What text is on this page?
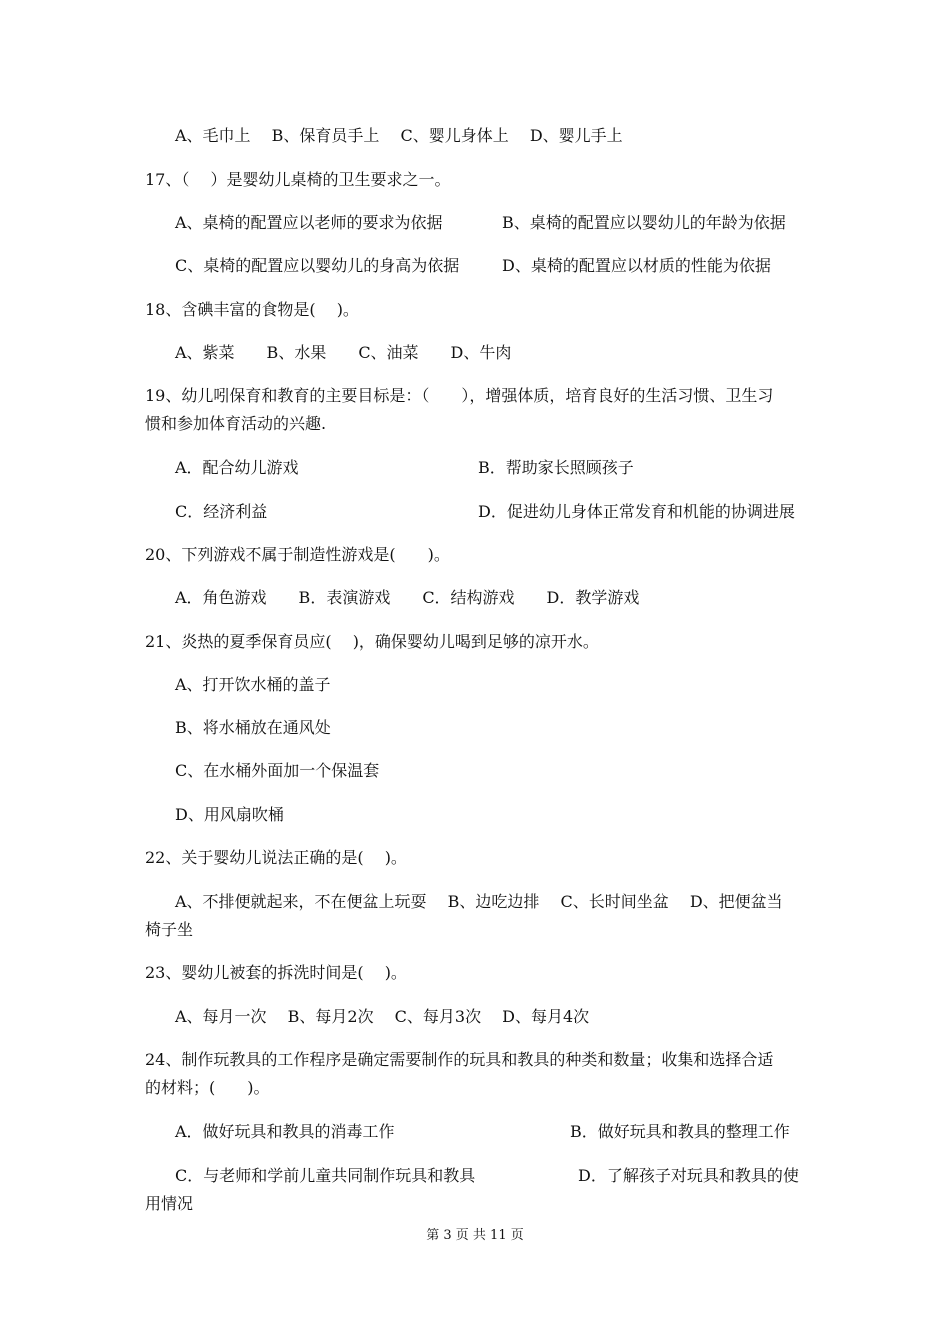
A、毛巾上　 B、保育员手上　 C、婴儿身体上　 D、婴儿手上
17、（　 ）是婴幼儿桌椅的卫生要求之一。
A、桌椅的配置应以老师的要求为依据	B、桌椅的配置应以婴幼儿的年龄为依据
C、桌椅的配置应以婴幼儿的身高为依据	D、桌椅的配置应以材质的性能为依据
18、含碘丰富的食物是(　 )。
A、紫菜　　B、水果　　C、油菜　　D、牛肉
19、幼儿吲保育和教育的主要目标是：（　　），增强体质，培育良好的生活习惯、卫生习
惯和参加体育活动的兴趣.
A．配合幼儿游戏	B．帮助家长照顾孩子
C．经济利益	D．促进幼儿身体正常发育和机能的协调进展
20、下列游戏不属于制造性游戏是(　　)。
A．角色游戏　　B．表演游戏　　C．结构游戏　　D．教学游戏
21、炎热的夏季保育员应(　 )，确保婴幼儿喝到足够的凉开水。
A、打开饮水桶的盖子
B、将水桶放在通风处
C、在水桶外面加一个保温套
D、用风扇吹桶
22、关于婴幼儿说法正确的是(　 )。
A、不排便就起来，不在便盆上玩耍　 B、边吃边排　 C、长时间坐盆　 D、把便盆当
椅子坐
23、婴幼儿被套的拆洗时间是(　 )。
A、每月一次　 B、每月2次　 C、每月3次　 D、每月4次
24、制作玩教具的工作程序是确定需要制作的玩具和教具的种类和数量；收集和选择合适
的材料；(　　)。
A．做好玩具和教具的消毒工作	B．做好玩具和教具的整理工作
C．与老师和学前儿童共同制作玩具和教具	D．了解孩子对玩具和教具的使
用情况
第 3 页 共 11 页
